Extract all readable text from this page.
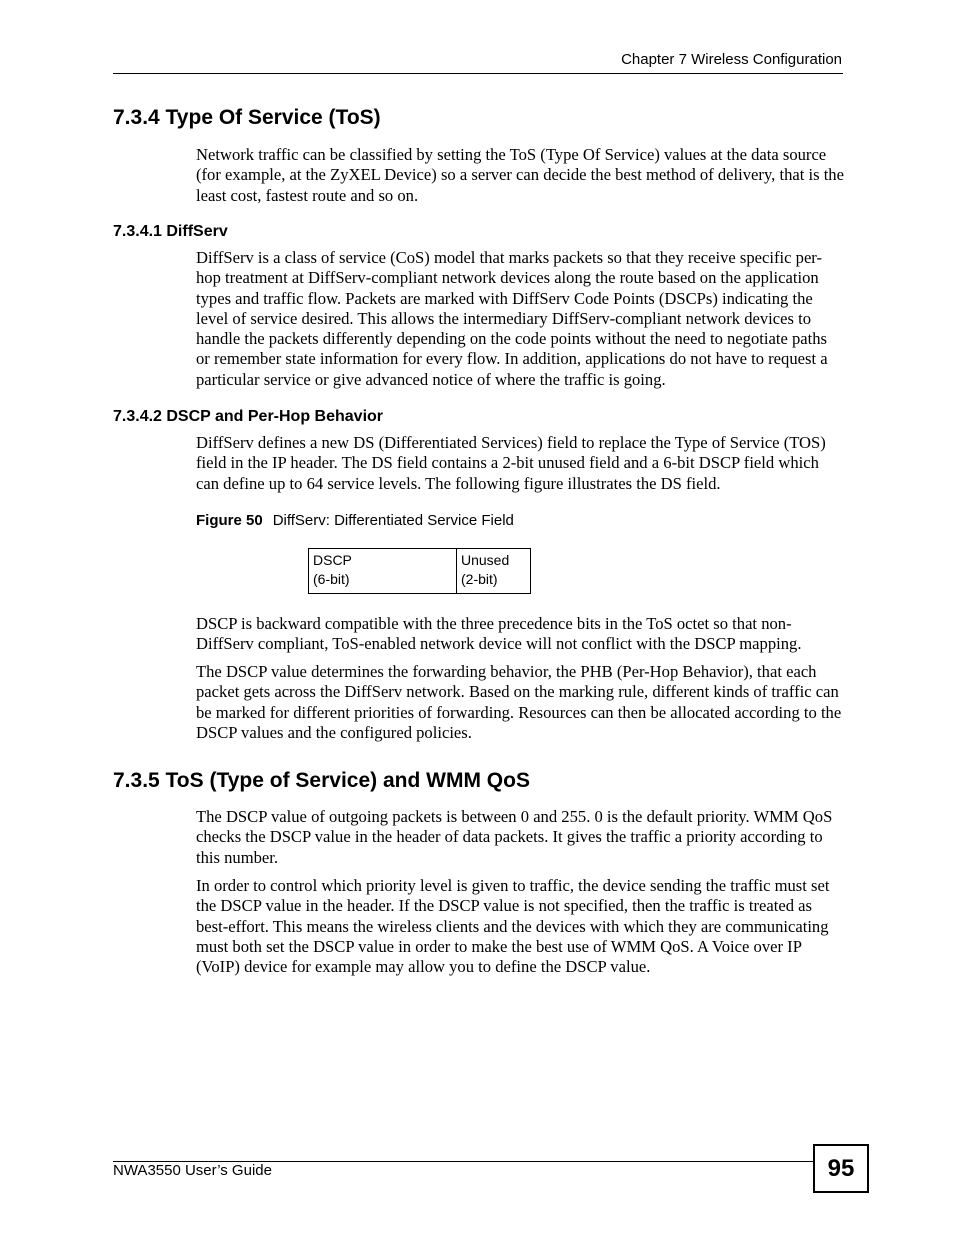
Chapter 7 Wireless Configuration
7.3.4 Type Of Service (ToS)

Network traffic can be classified by setting the ToS (Type Of Service) values at the data source (for example, at the ZyXEL Device) so a server can decide the best method of delivery, that is the least cost, fastest route and so on.

7.3.4.1 DiffServ

DiffServ is a class of service (CoS) model that marks packets so that they receive specific per-hop treatment at DiffServ-compliant network devices along the route based on the application types and traffic flow. Packets are marked with DiffServ Code Points (DSCPs) indicating the level of service desired. This allows the intermediary DiffServ-compliant network devices to handle the packets differently depending on the code points without the need to negotiate paths or remember state information for every flow. In addition, applications do not have to request a particular service or give advanced notice of where the traffic is going.

7.3.4.2 DSCP and Per-Hop Behavior

DiffServ defines a new DS (Differentiated Services) field to replace the Type of Service (TOS) field in the IP header. The DS field contains a 2-bit unused field and a 6-bit DSCP field which can define up to 64 service levels. The following figure illustrates the DS field.

Figure 50 DiffServ: Differentiated Service Field

DSCP
(6-bit)
Unused
(2-bit)

DSCP is backward compatible with the three precedence bits in the ToS octet so that non-DiffServ compliant, ToS-enabled network device will not conflict with the DSCP mapping.

The DSCP value determines the forwarding behavior, the PHB (Per-Hop Behavior), that each packet gets across the DiffServ network. Based on the marking rule, different kinds of traffic can be marked for different priorities of forwarding. Resources can then be allocated according to the DSCP values and the configured policies.

7.3.5 ToS (Type of Service) and WMM QoS

The DSCP value of outgoing packets is between 0 and 255. 0 is the default priority. WMM QoS checks the DSCP value in the header of data packets. It gives the traffic a priority according to this number.

In order to control which priority level is given to traffic, the device sending the traffic must set the DSCP value in the header. If the DSCP value is not specified, then the traffic is treated as best-effort. This means the wireless clients and the devices with which they are communicating must both set the DSCP value in order to make the best use of WMM QoS. A Voice over IP (VoIP) device for example may allow you to define the DSCP value.

NWA3550 User’s Guide	95
